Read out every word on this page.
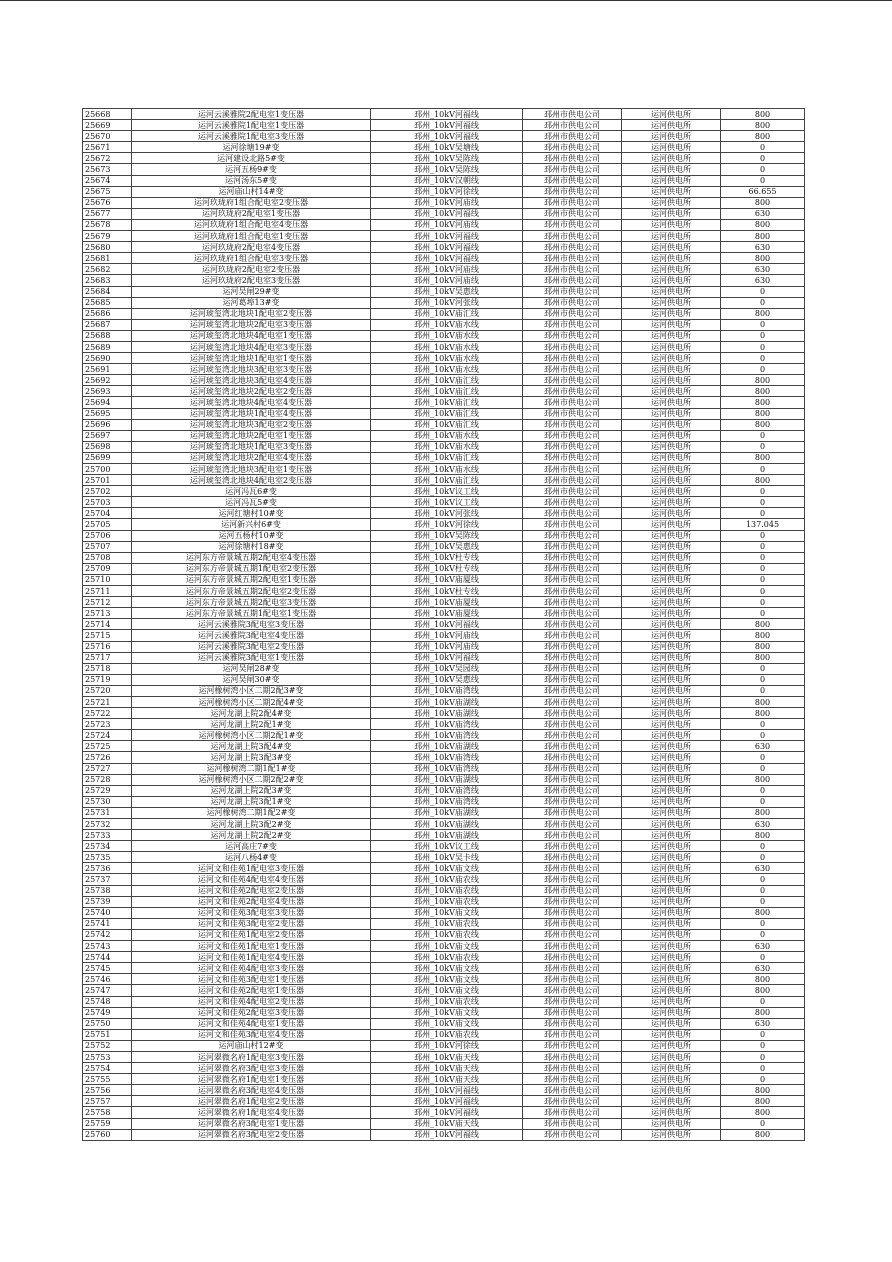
25668	运河云溪雅院2配电室1变压器	邳州_10kV河福线	邳州市供电公司	运河供电所	800
25669	运河云溪雅院1配电室1变压器	邳州_10kV河福线	邳州市供电公司	运河供电所	800
25670	运河云溪雅院1配电室3变压器	邳州_10kV河福线	邳州市供电公司	运河供电所	800
25671	运河徐塘19#变	邳州_10kV吴塘线	邳州市供电公司	运河供电所	0
25672	运河建设北路5#变	邳州_10kV吴陈线	邳州市供电公司	运河供电所	0
25673	运河五杨9#变	邳州_10kV吴陈线	邳州市供电公司	运河供电所	0
25674	运河汤东5#变	邳州_10kV汉朝线	邳州市供电公司	运河供电所	0
25675	运河庙山村14#变	邳州_10kV河徐线	邳州市供电公司	运河供电所	66.655
25676	运河玖珑府1组合配电室2变压器	邳州_10kV河庙线	邳州市供电公司	运河供电所	800
25677	运河玖珑府2配电室1变压器	邳州_10kV河福线	邳州市供电公司	运河供电所	630
25678	运河玖珑府1组合配电室4变压器	邳州_10kV河庙线	邳州市供电公司	运河供电所	800
25679	运河玖珑府1组合配电室1变压器	邳州_10kV河福线	邳州市供电公司	运河供电所	800
25680	运河玖珑府2配电室4变压器	邳州_10kV河福线	邳州市供电公司	运河供电所	630
25681	运河玖珑府1组合配电室3变压器	邳州_10kV河福线	邳州市供电公司	运河供电所	800
25682	运河玖珑府2配电室2变压器	邳州_10kV河庙线	邳州市供电公司	运河供电所	630
25683	运河玖珑府2配电室3变压器	邳州_10kV河庙线	邳州市供电公司	运河供电所	630
25684	运河吴闸29#变	邳州_10kV吴惠线	邳州市供电公司	运河供电所	0
25685	运河葛埠13#变	邳州_10kV河张线	邳州市供电公司	运河供电所	0
25686	运河琥玺湾北地块1配电室2变压器	邳州_10kV庙汇线	邳州市供电公司	运河供电所	800
25687	运河琥玺湾北地块2配电室3变压器	邳州_10kV庙水线	邳州市供电公司	运河供电所	0
25688	运河琥玺湾北地块4配电室1变压器	邳州_10kV庙水线	邳州市供电公司	运河供电所	0
25689	运河琥玺湾北地块4配电室3变压器	邳州_10kV庙水线	邳州市供电公司	运河供电所	0
25690	运河琥玺湾北地块1配电室1变压器	邳州_10kV庙水线	邳州市供电公司	运河供电所	0
25691	运河琥玺湾北地块3配电室3变压器	邳州_10kV庙水线	邳州市供电公司	运河供电所	0
25692	运河琥玺湾北地块3配电室4变压器	邳州_10kV庙汇线	邳州市供电公司	运河供电所	800
25693	运河琥玺湾北地块2配电室2变压器	邳州_10kV庙汇线	邳州市供电公司	运河供电所	800
25694	运河琥玺湾北地块4配电室4变压器	邳州_10kV庙汇线	邳州市供电公司	运河供电所	800
25695	运河琥玺湾北地块1配电室4变压器	邳州_10kV庙汇线	邳州市供电公司	运河供电所	800
25696	运河琥玺湾北地块3配电室2变压器	邳州_10kV庙汇线	邳州市供电公司	运河供电所	800
25697	运河琥玺湾北地块2配电室1变压器	邳州_10kV庙水线	邳州市供电公司	运河供电所	0
25698	运河琥玺湾北地块1配电室3变压器	邳州_10kV庙水线	邳州市供电公司	运河供电所	0
25699	运河琥玺湾北地块2配电室4变压器	邳州_10kV庙汇线	邳州市供电公司	运河供电所	800
25700	运河琥玺湾北地块3配电室1变压器	邳州_10kV庙水线	邳州市供电公司	运河供电所	0
25701	运河琥玺湾北地块4配电室2变压器	邳州_10kV庙汇线	邳州市供电公司	运河供电所	800
25702	运河冯瓦6#变	邳州_10kV议工线	邳州市供电公司	运河供电所	0
25703	运河冯瓦5#变	邳州_10kV议工线	邳州市供电公司	运河供电所	0
25704	运河红塘村10#变	邳州_10kV河张线	邳州市供电公司	运河供电所	0
25705	运河新兴村6#变	邳州_10kV河徐线	邳州市供电公司	运河供电所	137.045
25706	运河五杨村10#变	邳州_10kV吴陈线	邳州市供电公司	运河供电所	0
25707	运河徐塘村18#变	邳州_10kV吴惠线	邳州市供电公司	运河供电所	0
25708	运河东方帝景城五期2配电室4变压器	邳州_10kV杜专线	邳州市供电公司	运河供电所	0
25709	运河东方帝景城五期1配电室2变压器	邳州_10kV杜专线	邳州市供电公司	运河供电所	0
25710	运河东方帝景城五期2配电室1变压器	邳州_10kV庙厦线	邳州市供电公司	运河供电所	0
25711	运河东方帝景城五期2配电室2变压器	邳州_10kV杜专线	邳州市供电公司	运河供电所	0
25712	运河东方帝景城五期2配电室3变压器	邳州_10kV庙厦线	邳州市供电公司	运河供电所	0
25713	运河东方帝景城五期1配电室1变压器	邳州_10kV庙厦线	邳州市供电公司	运河供电所	0
25714	运河云溪雅院3配电室3变压器	邳州_10kV河福线	邳州市供电公司	运河供电所	800
25715	运河云溪雅院3配电室4变压器	邳州_10kV河庙线	邳州市供电公司	运河供电所	800
25716	运河云溪雅院3配电室2变压器	邳州_10kV河庙线	邳州市供电公司	运河供电所	800
25717	运河云溪雅院3配电室1变压器	邳州_10kV河福线	邳州市供电公司	运河供电所	800
25718	运河吴闸28#变	邳州_10kV吴园线	邳州市供电公司	运河供电所	0
25719	运河吴闸30#变	邳州_10kV吴惠线	邳州市供电公司	运河供电所	0
25720	运河橡树湾小区二期2配3#变	邳州_10kV庙湾线	邳州市供电公司	运河供电所	0
25721	运河橡树湾小区二期2配4#变	邳州_10kV庙湖线	邳州市供电公司	运河供电所	800
25722	运河龙湖上院2配4#变	邳州_10kV庙湖线	邳州市供电公司	运河供电所	800
25723	运河龙湖上院2配1#变	邳州_10kV庙湾线	邳州市供电公司	运河供电所	0
25724	运河橡树湾小区二期2配1#变	邳州_10kV庙湾线	邳州市供电公司	运河供电所	0
25725	运河龙湖上院3配4#变	邳州_10kV庙湖线	邳州市供电公司	运河供电所	630
25726	运河龙湖上院3配3#变	邳州_10kV庙湾线	邳州市供电公司	运河供电所	0
25727	运河橡树湾二期1配1#变	邳州_10kV庙湾线	邳州市供电公司	运河供电所	0
25728	运河橡树湾小区二期2配2#变	邳州_10kV庙湖线	邳州市供电公司	运河供电所	800
25729	运河龙湖上院2配3#变	邳州_10kV庙湾线	邳州市供电公司	运河供电所	0
25730	运河龙湖上院3配1#变	邳州_10kV庙湾线	邳州市供电公司	运河供电所	0
25731	运河橡树湾二期1配2#变	邳州_10kV庙湖线	邳州市供电公司	运河供电所	800
25732	运河龙湖上院3配2#变	邳州_10kV庙湖线	邳州市供电公司	运河供电所	630
25733	运河龙湖上院2配2#变	邳州_10kV庙湖线	邳州市供电公司	运河供电所	800
25734	运河高庄7#变	邳州_10kV议工线	邳州市供电公司	运河供电所	0
25735	运河八杨4#变	邳州_10kV吴卡线	邳州市供电公司	运河供电所	0
25736	运河文和佳苑1配电室3变压器	邳州_10kV庙文线	邳州市供电公司	运河供电所	630
25737	运河文和佳苑4配电室4变压器	邳州_10kV庙农线	邳州市供电公司	运河供电所	0
25738	运河文和佳苑2配电室2变压器	邳州_10kV庙农线	邳州市供电公司	运河供电所	0
25739	运河文和佳苑2配电室4变压器	邳州_10kV庙农线	邳州市供电公司	运河供电所	0
25740	运河文和佳苑3配电室3变压器	邳州_10kV庙文线	邳州市供电公司	运河供电所	800
25741	运河文和佳苑3配电室2变压器	邳州_10kV庙农线	邳州市供电公司	运河供电所	0
25742	运河文和佳苑1配电室2变压器	邳州_10kV庙农线	邳州市供电公司	运河供电所	0
25743	运河文和佳苑1配电室1变压器	邳州_10kV庙文线	邳州市供电公司	运河供电所	630
25744	运河文和佳苑1配电室4变压器	邳州_10kV庙农线	邳州市供电公司	运河供电所	0
25745	运河文和佳苑4配电室3变压器	邳州_10kV庙文线	邳州市供电公司	运河供电所	630
25746	运河文和佳苑3配电室1变压器	邳州_10kV庙文线	邳州市供电公司	运河供电所	800
25747	运河文和佳苑2配电室1变压器	邳州_10kV庙文线	邳州市供电公司	运河供电所	800
25748	运河文和佳苑4配电室2变压器	邳州_10kV庙农线	邳州市供电公司	运河供电所	0
25749	运河文和佳苑2配电室3变压器	邳州_10kV庙文线	邳州市供电公司	运河供电所	800
25750	运河文和佳苑4配电室1变压器	邳州_10kV庙文线	邳州市供电公司	运河供电所	630
25751	运河文和佳苑3配电室4变压器	邳州_10kV庙农线	邳州市供电公司	运河供电所	0
25752	运河庙山村12#变	邳州_10kV河徐线	邳州市供电公司	运河供电所	0
25753	运河翠微名府1配电室3变压器	邳州_10kV庙天线	邳州市供电公司	运河供电所	0
25754	运河翠微名府3配电室3变压器	邳州_10kV庙天线	邳州市供电公司	运河供电所	0
25755	运河翠微名府1配电室1变压器	邳州_10kV庙天线	邳州市供电公司	运河供电所	0
25756	运河翠微名府3配电室4变压器	邳州_10kV河福线	邳州市供电公司	运河供电所	800
25757	运河翠微名府1配电室2变压器	邳州_10kV河福线	邳州市供电公司	运河供电所	800
25758	运河翠微名府1配电室4变压器	邳州_10kV河福线	邳州市供电公司	运河供电所	800
25759	运河翠微名府3配电室1变压器	邳州_10kV庙天线	邳州市供电公司	运河供电所	0
25760	运河翠微名府3配电室2变压器	邳州_10kV河福线	邳州市供电公司	运河供电所	800
